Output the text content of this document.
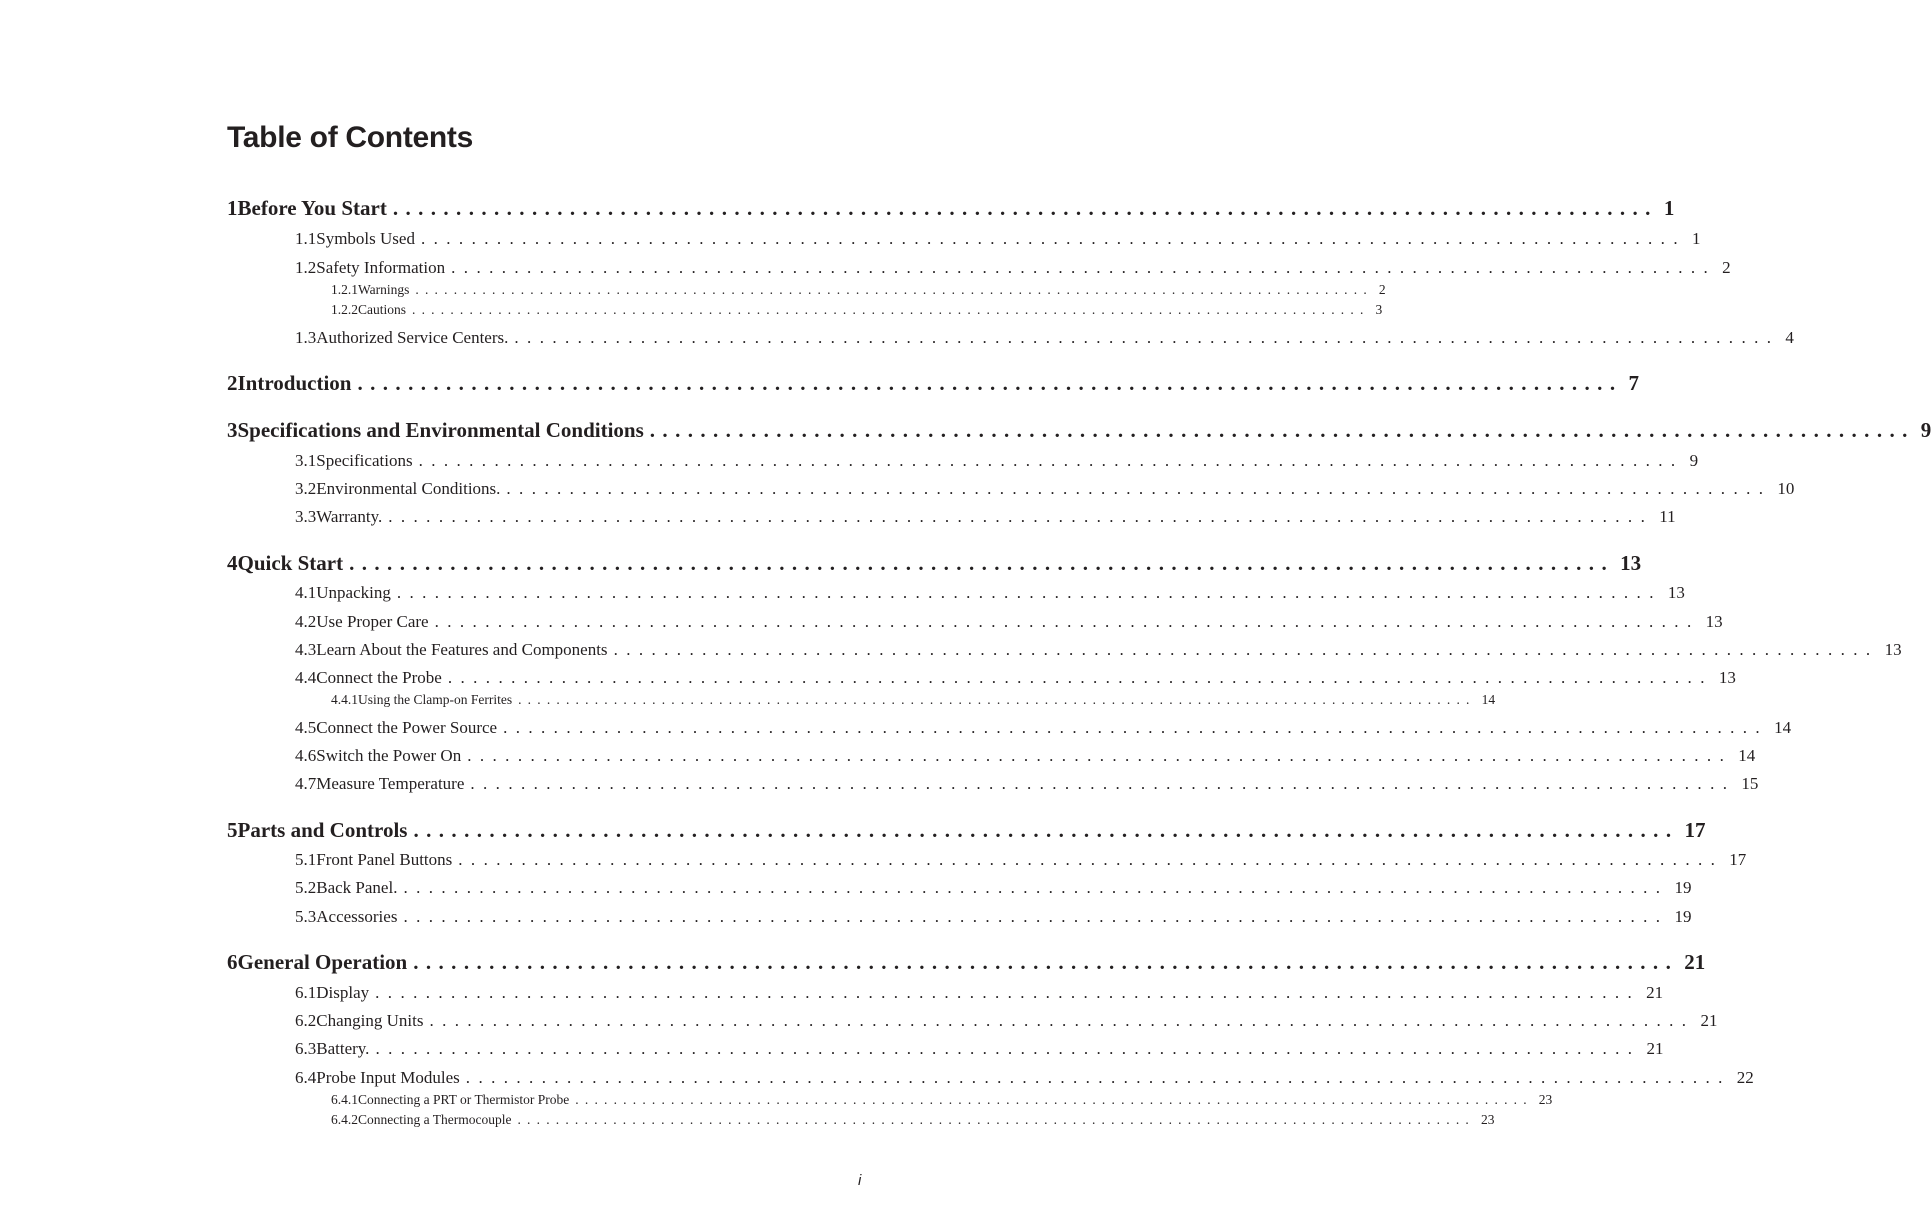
Table of Contents
1 Before You Start .................................................................................................... 1
1.1 Symbols Used .................................................................................................... 1
1.2 Safety Information .................................................................................................... 2
1.2.1 Warnings .................................................................................................... 2
1.2.2 Cautions .................................................................................................... 3
1.3 Authorized Service Centers. .................................................................................................... 4
2 Introduction .................................................................................................... 7
3 Specifications and Environmental Conditions .................................................................................................... 9
3.1 Specifications .................................................................................................... 9
3.2 Environmental Conditions. .................................................................................................... 10
3.3 Warranty. .................................................................................................... 11
4 Quick Start .................................................................................................... 13
4.1 Unpacking .................................................................................................... 13
4.2 Use Proper Care .................................................................................................... 13
4.3 Learn About the Features and Components .................................................................................................... 13
4.4 Connect the Probe .................................................................................................... 13
4.4.1 Using the Clamp-on Ferrites .................................................................................................... 14
4.5 Connect the Power Source .................................................................................................... 14
4.6 Switch the Power On .................................................................................................... 14
4.7 Measure Temperature .................................................................................................... 15
5 Parts and Controls .................................................................................................... 17
5.1 Front Panel Buttons .................................................................................................... 17
5.2 Back Panel. .................................................................................................... 19
5.3 Accessories .................................................................................................... 19
6 General Operation .................................................................................................... 21
6.1 Display .................................................................................................... 21
6.2 Changing Units .................................................................................................... 21
6.3 Battery. .................................................................................................... 21
6.4 Probe Input Modules .................................................................................................... 22
6.4.1 Connecting a PRT or Thermistor Probe .................................................................................................... 23
6.4.2 Connecting a Thermocouple .................................................................................................... 23
i
